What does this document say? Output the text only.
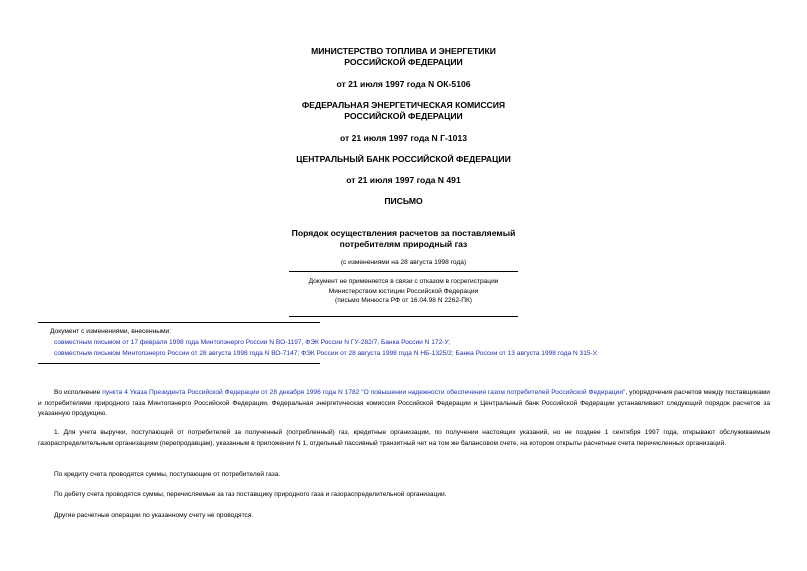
МИНИСТЕРСТВО ТОПЛИВА И ЭНЕРГЕТИКИ
РОССИЙСКОЙ ФЕДЕРАЦИИ
от 21 июля 1997 года N ОК-5106
ФЕДЕРАЛЬНАЯ ЭНЕРГЕТИЧЕСКАЯ КОМИССИЯ
РОССИЙСКОЙ ФЕДЕРАЦИИ
от 21 июля 1997 года N Г-1013
ЦЕНТРАЛЬНЫЙ БАНК РОССИЙСКОЙ ФЕДЕРАЦИИ
от 21 июля 1997 года N 491
ПИСЬМО
Порядок осуществления расчетов за поставляемый
потребителям природный газ
(с изменениями на 28 августа 1998 года)
Документ не применяется в связи с отказом в госрегистрации
Министерством юстиции Российской Федерации
(письмо Минюста РФ от 16.04.98 N 2262-ПК)
Документ с изменениями, внесенными:
совместным письмом от 17 февраля 1998 года Минтопэнерго России N ВО-1197, ФЭК России N ГУ-282/7, Банка России N 172-У;
совместным письмом Минтопэнерго России от 28 августа 1998 года N ВО-7147; ФЭК России от 28 августа 1998 года N НБ-1325/2; Банка России от 13 августа 1998 года N 315-У.
Во исполнение пункта 4 Указа Президента Российской Федерации от 28 декабря 1996 года N 1782 "О повышении надежности обеспечения газом потребителей Российской Федерации", упорядочения расчетов между поставщиками и потребителями природного газа Минтопэнерго Российской Федерации, Федеральная энергетическая комиссия Российской Федерации и Центральный банк Российской Федерации устанавливают следующий порядок расчетов за указанную продукцию.
1. Для учета выручки, поступающей от потребителей за полученный (потребленный) газ, кредитные организации, по получении настоящих указаний, но не позднее 1 сентября 1997 года, открывают обслуживаемым газораспределительным организациям (перепродавцам), указанным в приложении N 1, отдельный пассивный транзитный чет на том же балансовом счете, на котором открыты расчетные счета перечисленных организаций.
По кредиту счета проводятся суммы, поступающие от потребителей газа.
По дебету счета проводятся суммы, перечисляемые за газ поставщику природного газа и газораспределительной организации.
Другие расчетные операции по указанному счету не проводятся.
